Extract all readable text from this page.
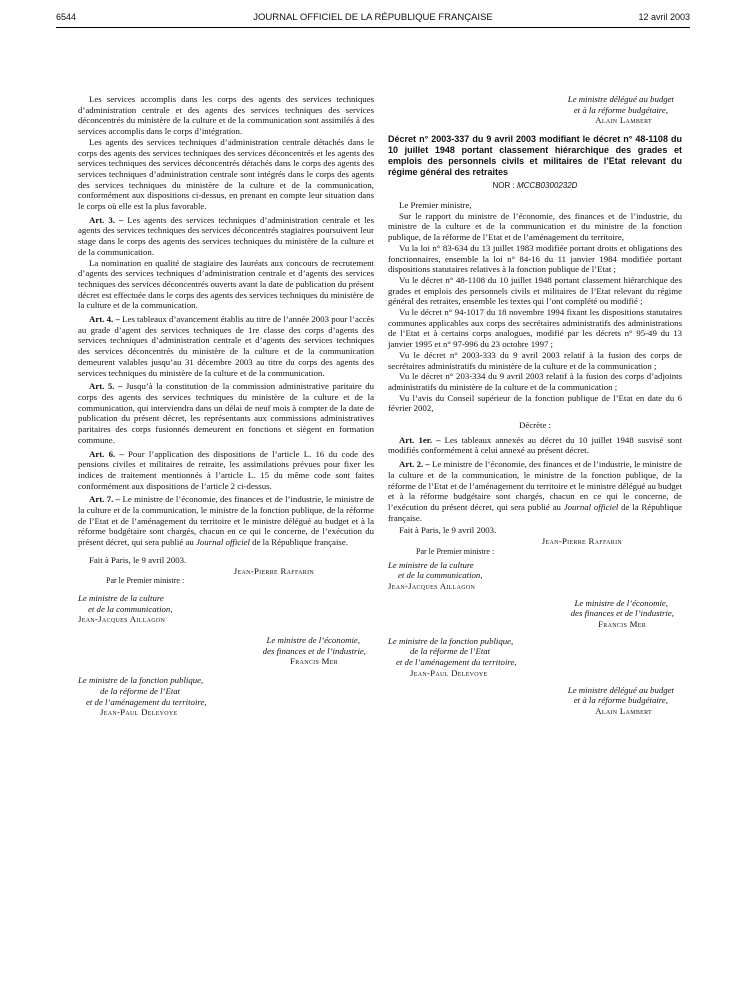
6544	JOURNAL OFFICIEL DE LA RÉPUBLIQUE FRANÇAISE	12 avril 2003

Les services accomplis dans les corps des agents des services techniques d’administration centrale et des agents des services techniques des services déconcentrés du ministère de la culture et de la communication sont assimilés à des services accomplis dans le corps d’intégration.

Les agents des services techniques d’administration centrale détachés dans le corps des agents des services techniques des services déconcentrés et les agents des services techniques des services déconcentrés détachés dans le corps des agents des services techniques d’administration centrale sont intégrés dans le corps des agents des services techniques du ministère de la culture et de la communication, conformément aux dispositions ci-dessus, en prenant en compte leur situation dans le corps où elle est la plus favorable.

Art. 3. – Les agents des services techniques d’administration centrale et les agents des services techniques des services déconcentrés stagiaires poursuivent leur stage dans le corps des agents des services techniques du ministère de la culture et de la communication.

La nomination en qualité de stagiaire des lauréats aux concours de recrutement d’agents des services techniques d’administration centrale et d’agents des services techniques des services déconcentrés ouverts avant la date de publication du présent décret est effectuée dans le corps des agents des services techniques du ministère de la culture et de la communication.

Art. 4. – Les tableaux d’avancement établis au titre de l’année 2003 pour l’accès au grade d’agent des services techniques de 1re classe des corps d’agents des services techniques d’administration centrale et d’agents des services techniques des services déconcentrés du ministère de la culture et de la communication demeurent valables jusqu’au 31 décembre 2003 au titre du corps des agents des services techniques du ministère de la culture et de la communication.

Art. 5. – Jusqu’à la constitution de la commission administrative paritaire du corps des agents des services techniques du ministère de la culture et de la communication, qui interviendra dans un délai de neuf mois à compter de la date de publication du présent décret, les représentants aux commissions administratives paritaires des corps fusionnés demeurent en fonctions et siègent en formation commune.

Art. 6. – Pour l’application des dispositions de l’article L. 16 du code des pensions civiles et militaires de retraite, les assimilations prévues pour fixer les indices de traitement mentionnés à l’article L. 15 du même code sont faites conformément aux dispositions de l’article 2 ci-dessus.

Art. 7. – Le ministre de l’économie, des finances et de l’industrie, le ministre de la culture et de la communication, le ministre de la fonction publique, de la réforme de l’Etat et de l’aménagement du territoire et le ministre délégué au budget et à la réforme budgétaire sont chargés, chacun en ce qui le concerne, de l’exécution du présent décret, qui sera publié au Journal officiel de la République française.

Fait à Paris, le 9 avril 2003.

Jean-Pierre Raffarin

Par le Premier ministre :

Le ministre de la culture
et de la communication,
Jean-Jacques Aillagon
Le ministre de l’économie,
des finances et de l’industrie,
Francis Mer
Le ministre de la fonction publique,
de la réforme de l’Etat
et de l’aménagement du territoire,
Jean-Paul Delevoye
Le ministre délégué au budget
et à la réforme budgétaire,
Alain Lambert

Décret n° 2003-337 du 9 avril 2003 modifiant le décret n° 48-1108 du 10 juillet 1948 portant classement hiérarchique des grades et emplois des personnels civils et militaires de l’Etat relevant du régime général des retraites

NOR : MCCB0300232D

Le Premier ministre,

Sur le rapport du ministre de l’économie, des finances et de l’industrie, du ministre de la culture et de la communication et du ministre de la fonction publique, de la réforme de l’Etat et de l’aménagement du territoire,

Vu la loi n° 83-634 du 13 juillet 1983 modifiée portant droits et obligations des fonctionnaires, ensemble la loi n° 84-16 du 11 janvier 1984 modifiée portant dispositions statutaires relatives à la fonction publique de l’Etat ;

Vu le décret n° 48-1108 du 10 juillet 1948 portant classement hiérarchique des grades et emplois des personnels civils et militaires de l’Etat relevant du régime général des retraites, ensemble les textes qui l’ont complété ou modifié ;

Vu le décret n° 94-1017 du 18 novembre 1994 fixant les dispositions statutaires communes applicables aux corps des secrétaires administratifs des administrations de l’Etat et à certains corps analogues, modifié par les décrets n° 95-49 du 13 janvier 1995 et n° 97-996 du 23 octobre 1997 ;

Vu le décret n° 2003-333 du 9 avril 2003 relatif à la fusion des corps de secrétaires administratifs du ministère de la culture et de la communication ;

Vu le décret n° 203-334 du 9 avril 2003 relatif à la fusion des corps d’adjoints administratifs du ministère de la culture et de la communication ;

Vu l’avis du Conseil supérieur de la fonction publique de l’Etat en date du 6 février 2002,

Décrète :

Art. 1er. – Les tableaux annexés au décret du 10 juillet 1948 susvisé sont modifiés conformément à celui annexé au présent décret.

Art. 2. – Le ministre de l’économie, des finances et de l’industrie, le ministre de la culture et de la communication, le ministre de la fonction publique, de la réforme de l’Etat et de l’aménagement du territoire et le ministre délégué au budget et à la réforme budgétaire sont chargés, chacun en ce qui le concerne, de l’exécution du présent décret, qui sera publié au Journal officiel de la République française.

Fait à Paris, le 9 avril 2003.

Jean-Pierre Raffarin

Par le Premier ministre :

Le ministre de la culture
et de la communication,
Jean-Jacques Aillagon
Le ministre de l’économie,
des finances et de l’industrie,
Francis Mer
Le ministre de la fonction publique,
de la réforme de l’Etat
et de l’aménagement du territoire,
Jean-Paul Delevoye
Le ministre délégué au budget
et à la réforme budgétaire,
Alain Lambert
